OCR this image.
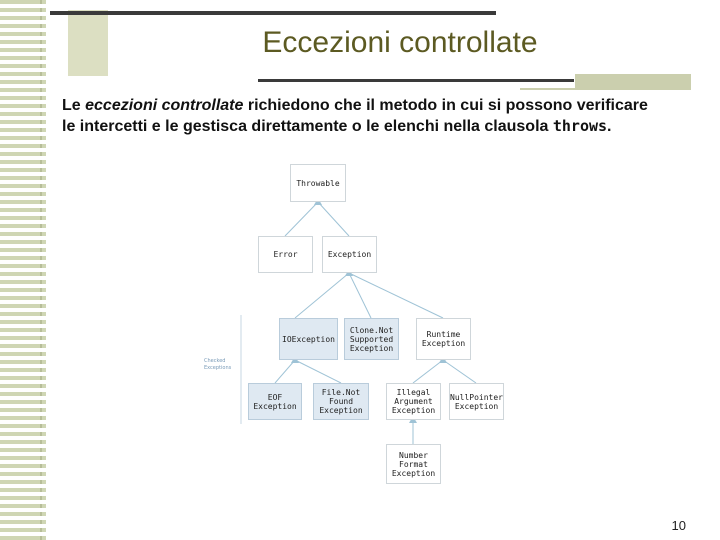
Eccezioni controllate
Le eccezioni controllate richiedono che il metodo in cui si possono verificare le intercetti e le gestisca direttamente o le elenchi nella clausola throws.
Throwable
Error	Exception
IOException
Clone.Not
Supported
Exception
Runtime
Exception
EOF
Exception
File.Not
Found
Exception
Illegal
Argument
Exception
NullPointer
Exception
Number
Format
Exception
Checked
Exceptions
10
